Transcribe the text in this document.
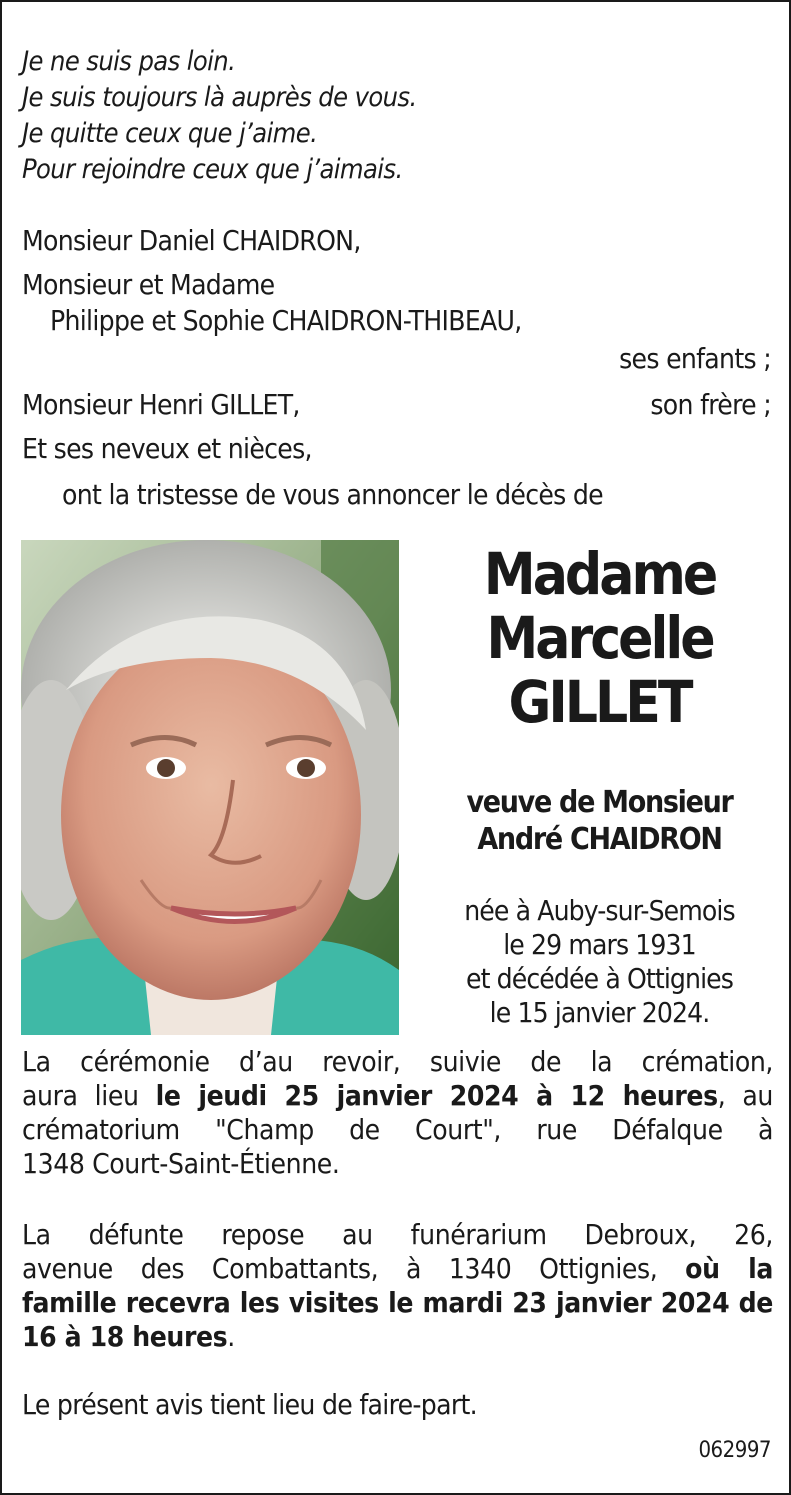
Je ne suis pas loin.
Je suis toujours là auprès de vous.
Je quitte ceux que j’aime.
Pour rejoindre ceux que j’aimais.
Monsieur Daniel CHAIDRON,
Monsieur et Madame
Philippe et Sophie CHAIDRON-THIBEAU,
ses enfants ;
Monsieur Henri GILLET,	son frère ;
Et ses neveux et nièces,
ont la tristesse de vous annoncer le décès de
Madame
Marcelle
GILLET
veuve de Monsieur
André CHAIDRON
née à Auby-sur-Semois
le 29 mars 1931
et décédée à Ottignies
le 15 janvier 2024.
La cérémonie d’au revoir, suivie de la crémation,
aura lieu le jeudi 25 janvier 2024 à 12 heures, au
crématorium "Champ de Court", rue Défalque à
1348 Court-Saint-Étienne.
La défunte repose au funérarium Debroux, 26,
avenue des Combattants, à 1340 Ottignies, où la
famille recevra les visites le mardi 23 janvier 2024 de
16 à 18 heures.
Le présent avis tient lieu de faire-part.
062997
